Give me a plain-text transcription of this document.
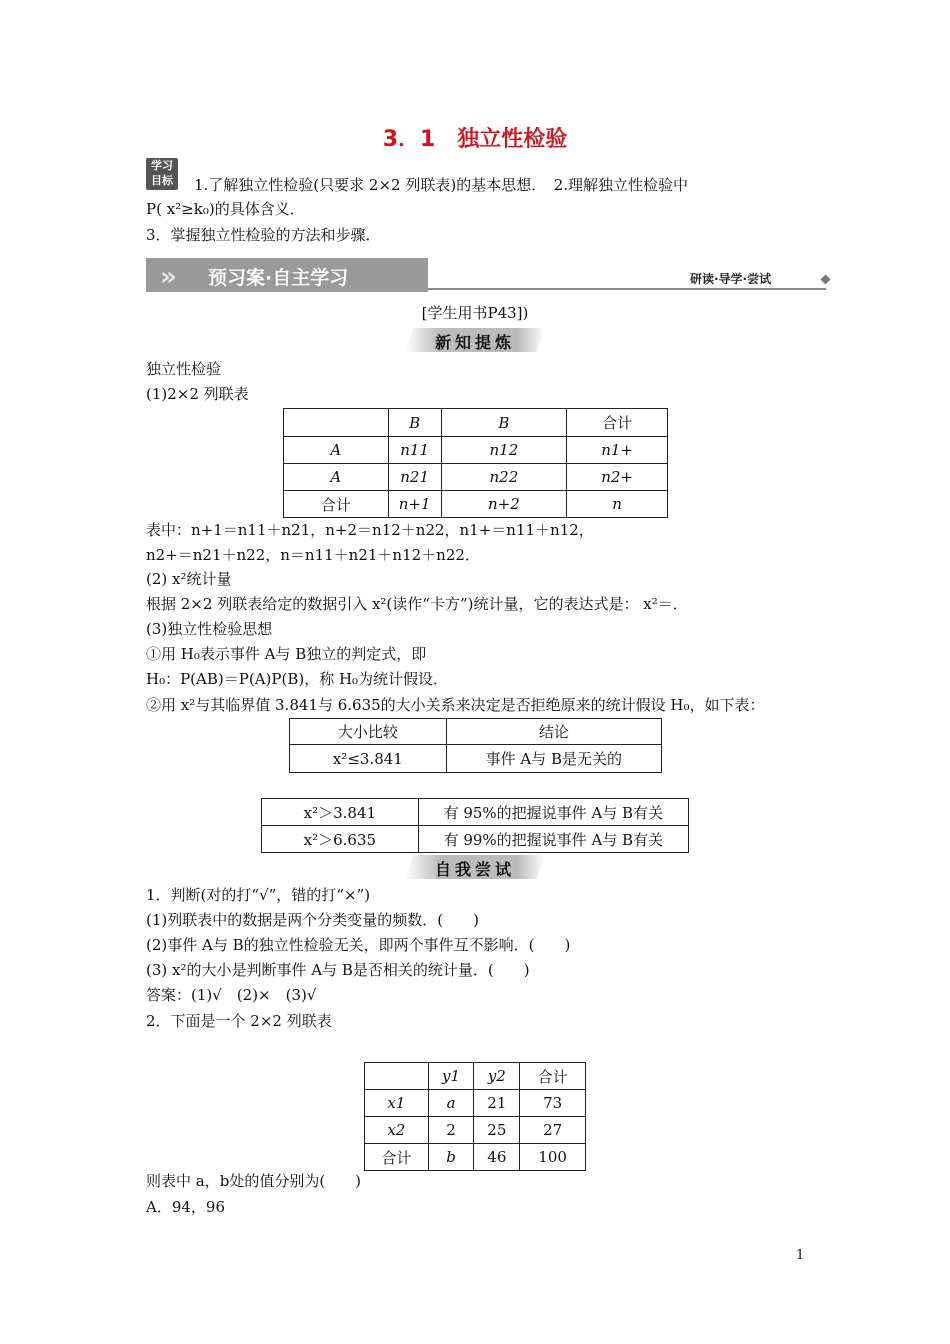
3．1　独立性检验
学习
目标	1.了解独立性检验(只要求 2×2 列联表)的基本思想．　2.理解独立性检验中
P( x²≥k₀)的具体含义．
3．掌握独立性检验的方法和步骤．
» 预习案·自主学习	研读·导学·尝试
[学生用书P43])
新知提炼
独立性检验
(1)2×2 列联表
	B	B	合计
A	n11	n12	n1+
A	n21	n22	n2+
合计	n+1	n+2	n
表中：n+1＝n11＋n21，n+2＝n12＋n22，n1+＝n11＋n12，
n2+＝n21＋n22，n＝n11＋n21＋n12＋n22．
(2) x²统计量
根据 2×2 列联表给定的数据引入 x²(读作“卡方”)统计量，它的表达式是： x²＝．
(3)独立性检验思想
①用 H₀表示事件 A与 B独立的判定式，即
H₀：P(AB)＝P(A)P(B)，称 H₀为统计假设．
②用 x²与其临界值 3.841与 6.635的大小关系来决定是否拒绝原来的统计假设 H₀，如下表：
大小比较	结论
x²≤3.841	事件 A与 B是无关的
x²＞3.841	有 95%的把握说事件 A与 B有关
x²＞6.635	有 99%的把握说事件 A与 B有关
自我尝试
1．判断(对的打“√”，错的打“×”)
(1)列联表中的数据是两个分类变量的频数．(　　)
(2)事件 A与 B的独立性检验无关，即两个事件互不影响．(　　)
(3) x²的大小是判断事件 A与 B是否相关的统计量．(　　)
答案：(1)√　(2)×　(3)√
2．下面是一个 2×2 列联表
	y1	y2	合计
x1	a	21	73
x2	2	25	27
合计	b	46	100
则表中 a，b处的值分别为(　　)
A．94，96
1
